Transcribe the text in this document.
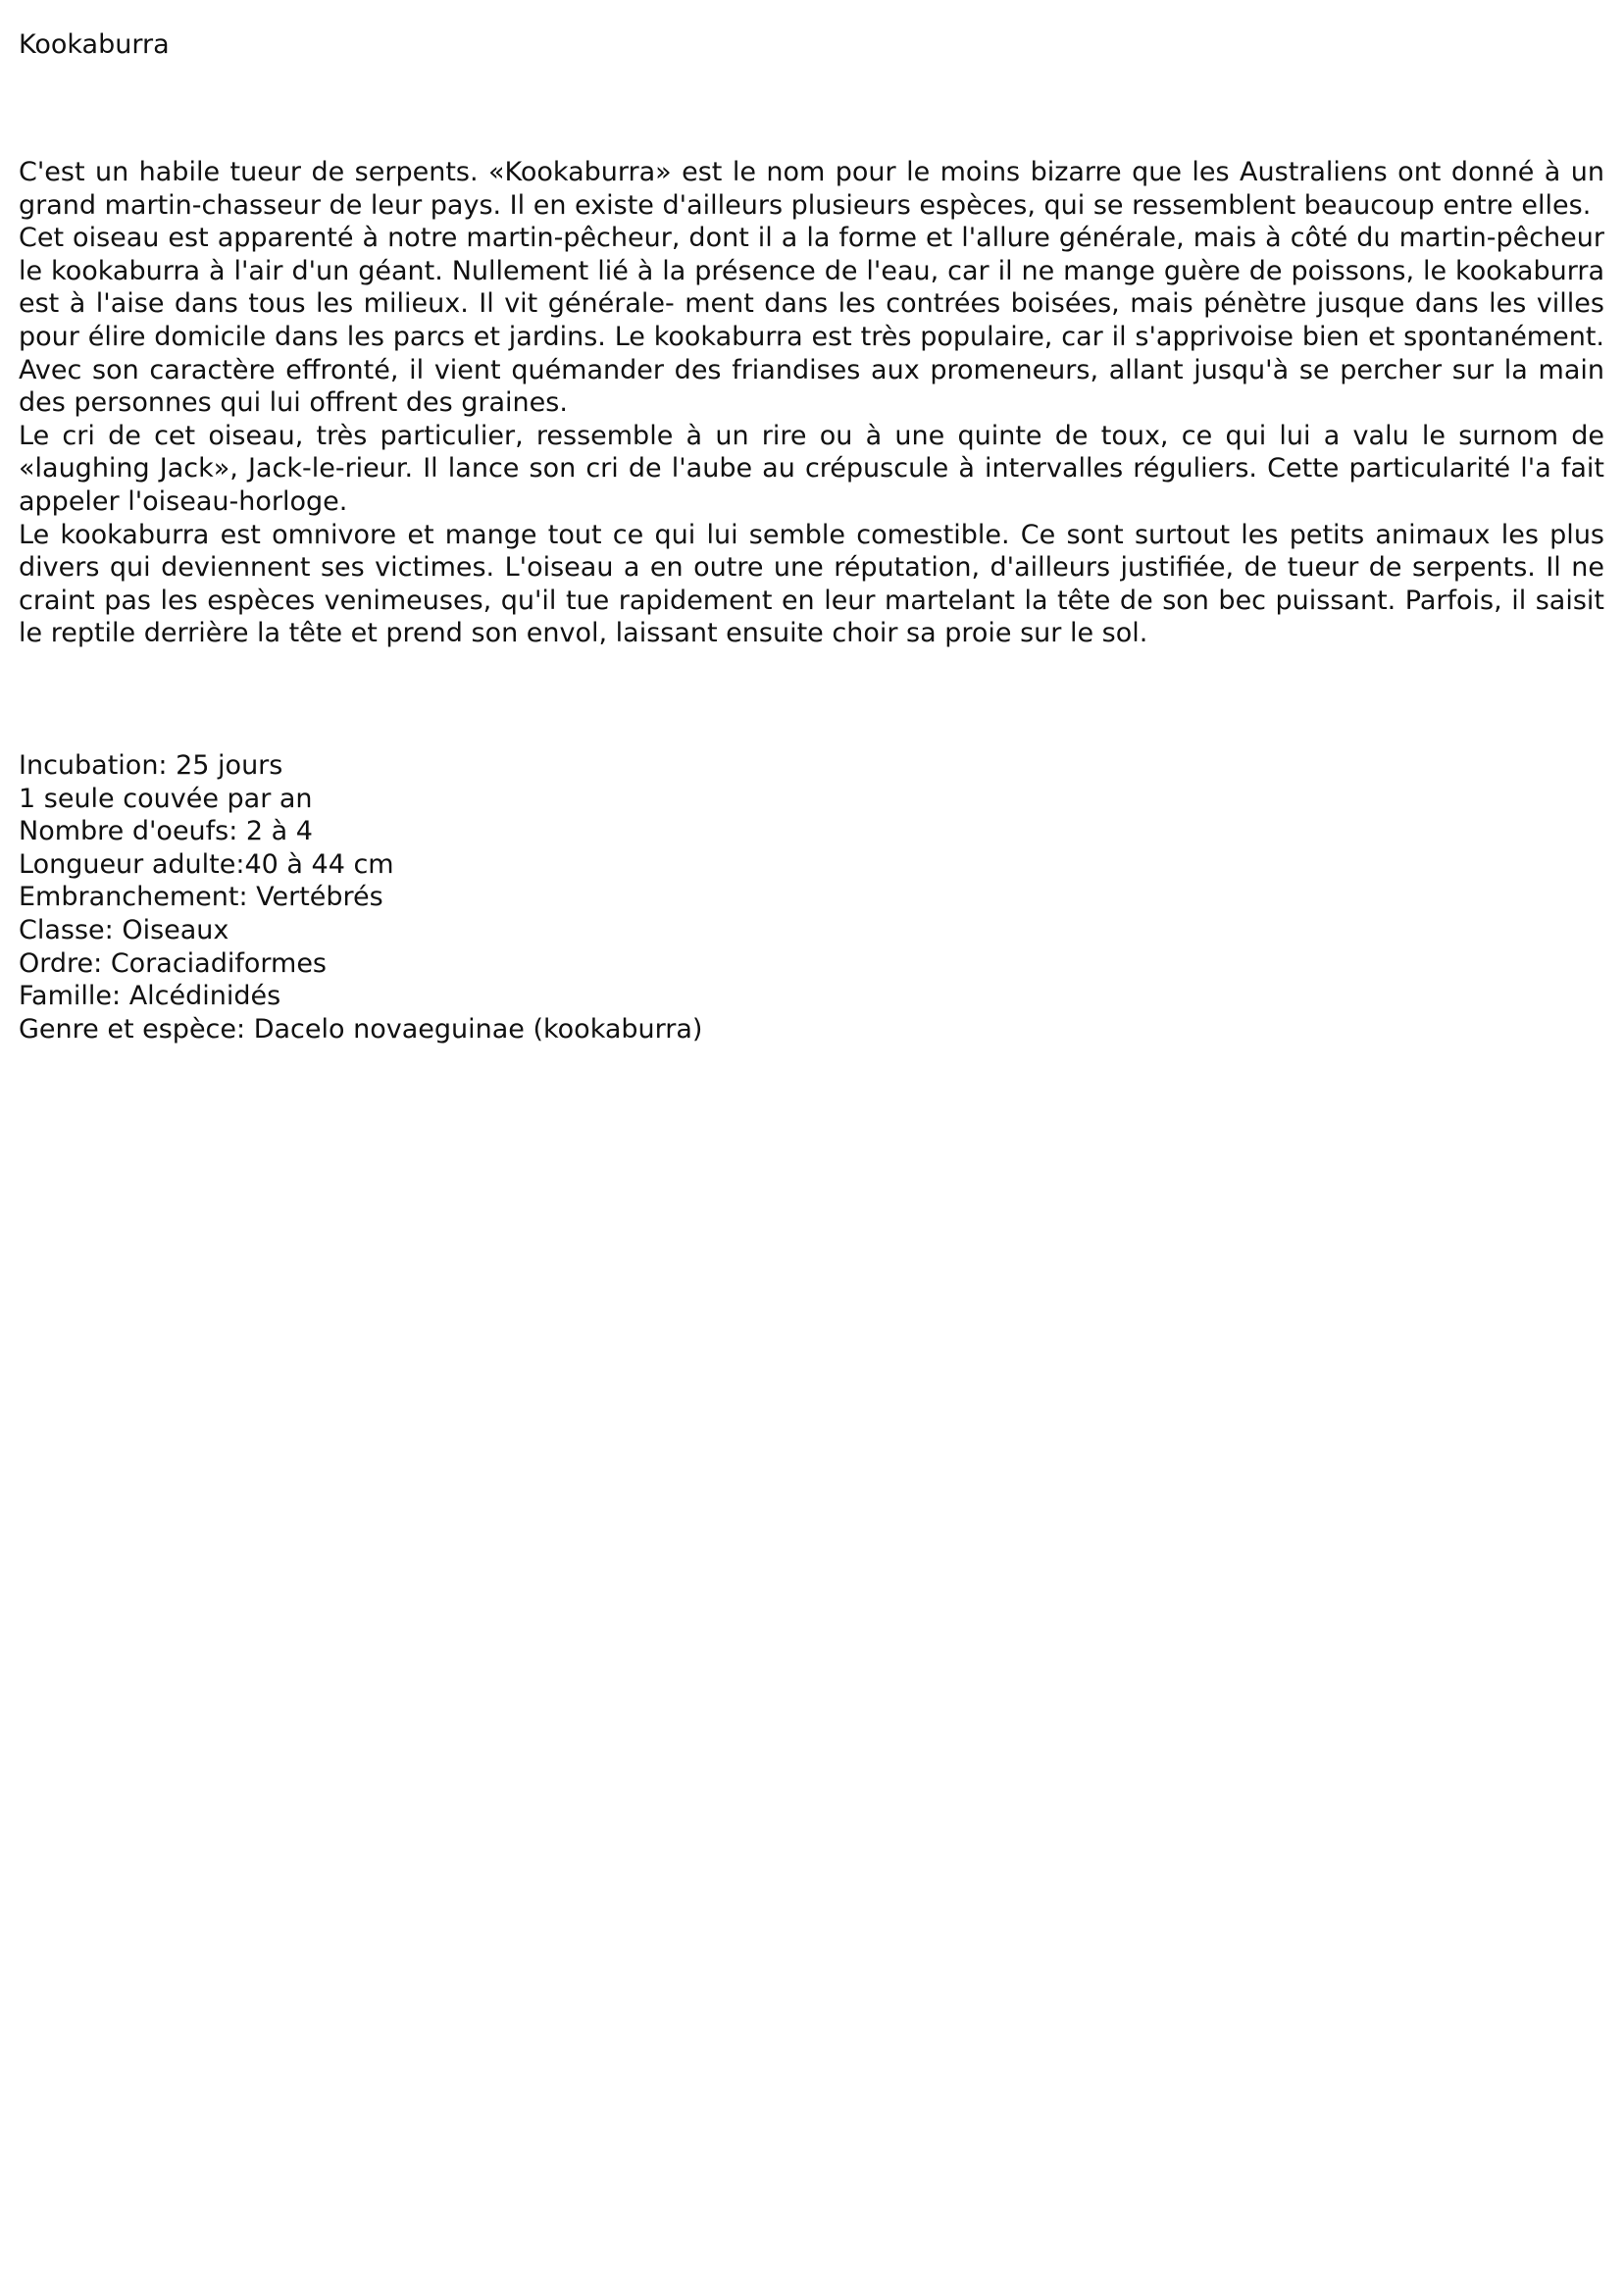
Kookaburra

C'est un habile tueur de serpents. «Kookaburra» est le nom pour le moins bizarre que les Australiens ont donné à un grand martin-chasseur de leur pays. Il en existe d'ailleurs plusieurs espèces, qui se ressemblent beaucoup entre elles.

Cet oiseau est apparenté à notre martin-pêcheur, dont il a la forme et l'allure générale, mais à côté du martin-pêcheur le kookaburra à l'air d'un géant. Nullement lié à la présence de l'eau, car il ne mange guère de poissons, le kookaburra est à l'aise dans tous les milieux. Il vit générale- ment dans les contrées boisées, mais pénètre jusque dans les villes pour élire domicile dans les parcs et jardins. Le kookaburra est très populaire, car il s'apprivoise bien et spontanément. Avec son caractère effronté, il vient quémander des friandises aux promeneurs, allant jusqu'à se percher sur la main des personnes qui lui offrent des graines.

Le cri de cet oiseau, très particulier, ressemble à un rire ou à une quinte de toux, ce qui lui a valu le surnom de «laughing Jack», Jack-le-rieur. Il lance son cri de l'aube au crépuscule à intervalles réguliers. Cette particularité l'a fait appeler l'oiseau-horloge.

Le kookaburra est omnivore et mange tout ce qui lui semble comestible. Ce sont surtout les petits animaux les plus divers qui deviennent ses victimes. L'oiseau a en outre une réputation, d'ailleurs justifiée, de tueur de serpents. Il ne craint pas les espèces venimeuses, qu'il tue rapidement en leur martelant la tête de son bec puissant. Parfois, il saisit le reptile derrière la tête et prend son envol, laissant ensuite choir sa proie sur le sol.

Incubation: 25 jours
1 seule couvée par an
Nombre d'oeufs: 2 à 4
Longueur adulte:40 à 44 cm
Embranchement: Vertébrés
Classe: Oiseaux
Ordre: Coraciadiformes
Famille: Alcédinidés
Genre et espèce: Dacelo novaeguinae (kookaburra)
